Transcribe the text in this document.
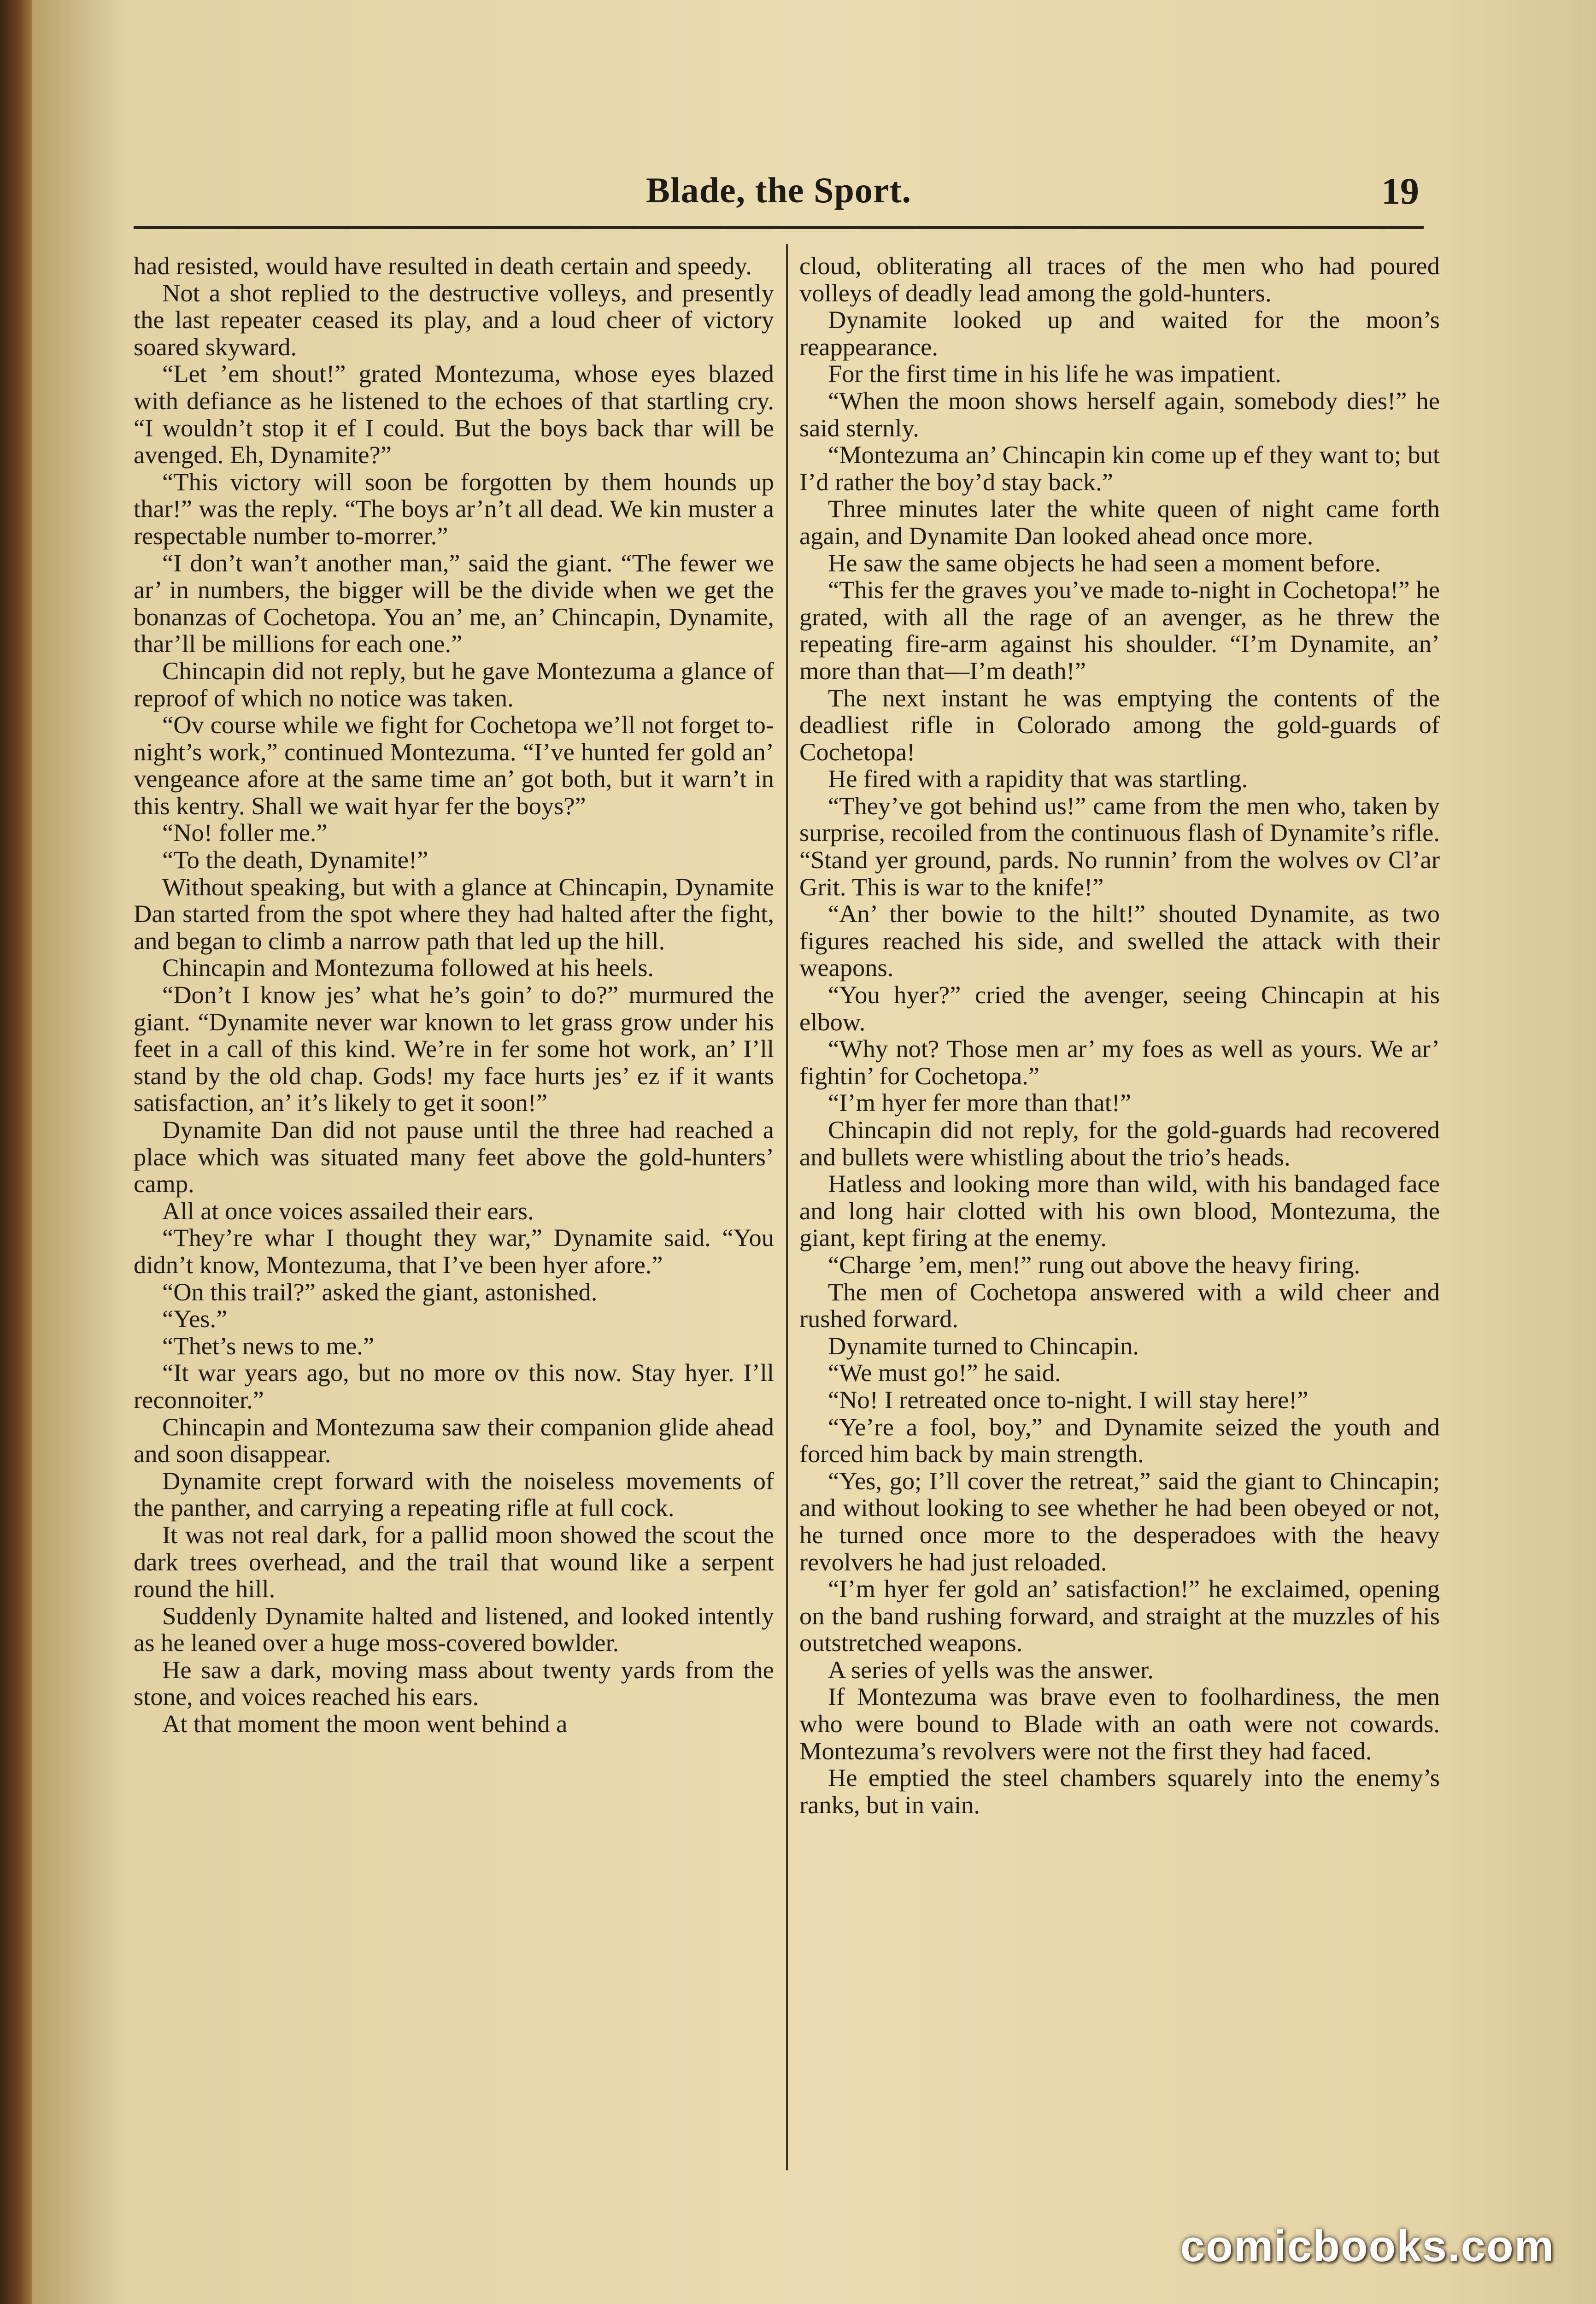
Blade, the Sport.	19

had resisted, would have resulted in death certain and speedy.

Not a shot replied to the destructive volleys, and presently the last repeater ceased its play, and a loud cheer of victory soared skyward.

“Let ’em shout!” grated Montezuma, whose eyes blazed with defiance as he listened to the echoes of that startling cry. “I wouldn’t stop it ef I could. But the boys back thar will be avenged. Eh, Dynamite?”

“This victory will soon be forgotten by them hounds up thar!” was the reply. “The boys ar’n’t all dead. We kin muster a respectable number to-morrer.”

“I don’t wan’t another man,” said the giant. “The fewer we ar’ in numbers, the bigger will be the divide when we get the bonanzas of Cochetopa. You an’ me, an’ Chincapin, Dynamite, thar’ll be millions for each one.”

Chincapin did not reply, but he gave Montezuma a glance of reproof of which no notice was taken.

“Ov course while we fight for Cochetopa we’ll not forget to-night’s work,” continued Montezuma. “I’ve hunted fer gold an’ vengeance afore at the same time an’ got both, but it warn’t in this kentry. Shall we wait hyar fer the boys?”

“No! foller me.”

“To the death, Dynamite!”

Without speaking, but with a glance at Chincapin, Dynamite Dan started from the spot where they had halted after the fight, and began to climb a narrow path that led up the hill.

Chincapin and Montezuma followed at his heels.

“Don’t I know jes’ what he’s goin’ to do?” murmured the giant. “Dynamite never war known to let grass grow under his feet in a call of this kind. We’re in fer some hot work, an’ I’ll stand by the old chap. Gods! my face hurts jes’ ez if it wants satisfaction, an’ it’s likely to get it soon!”

Dynamite Dan did not pause until the three had reached a place which was situated many feet above the gold-hunters’ camp.

All at once voices assailed their ears.

“They’re whar I thought they war,” Dynamite said. “You didn’t know, Montezuma, that I’ve been hyer afore.”

“On this trail?” asked the giant, astonished.

“Yes.”

“Thet’s news to me.”

“It war years ago, but no more ov this now. Stay hyer. I’ll reconnoiter.”

Chincapin and Montezuma saw their companion glide ahead and soon disappear.

Dynamite crept forward with the noiseless movements of the panther, and carrying a repeating rifle at full cock.

It was not real dark, for a pallid moon showed the scout the dark trees overhead, and the trail that wound like a serpent round the hill.

Suddenly Dynamite halted and listened, and looked intently as he leaned over a huge moss-covered bowlder.

He saw a dark, moving mass about twenty yards from the stone, and voices reached his ears.

At that moment the moon went behind a

cloud, obliterating all traces of the men who had poured volleys of deadly lead among the gold-hunters.

Dynamite looked up and waited for the moon’s reappearance.

For the first time in his life he was impatient.

“When the moon shows herself again, somebody dies!” he said sternly.

“Montezuma an’ Chincapin kin come up ef they want to; but I’d rather the boy’d stay back.”

Three minutes later the white queen of night came forth again, and Dynamite Dan looked ahead once more.

He saw the same objects he had seen a moment before.

“This fer the graves you’ve made to-night in Cochetopa!” he grated, with all the rage of an avenger, as he threw the repeating fire-arm against his shoulder. “I’m Dynamite, an’ more than that—I’m death!”

The next instant he was emptying the contents of the deadliest rifle in Colorado among the gold-guards of Cochetopa!

He fired with a rapidity that was startling.

“They’ve got behind us!” came from the men who, taken by surprise, recoiled from the continuous flash of Dynamite’s rifle. “Stand yer ground, pards. No runnin’ from the wolves ov Cl’ar Grit. This is war to the knife!”

“An’ ther bowie to the hilt!” shouted Dynamite, as two figures reached his side, and swelled the attack with their weapons.

“You hyer?” cried the avenger, seeing Chincapin at his elbow.

“Why not? Those men ar’ my foes as well as yours. We ar’ fightin’ for Cochetopa.”

“I’m hyer fer more than that!”

Chincapin did not reply, for the gold-guards had recovered and bullets were whistling about the trio’s heads.

Hatless and looking more than wild, with his bandaged face and long hair clotted with his own blood, Montezuma, the giant, kept firing at the enemy.

“Charge ’em, men!” rung out above the heavy firing.

The men of Cochetopa answered with a wild cheer and rushed forward.

Dynamite turned to Chincapin.

“We must go!” he said.

“No! I retreated once to-night. I will stay here!”

“Ye’re a fool, boy,” and Dynamite seized the youth and forced him back by main strength.

“Yes, go; I’ll cover the retreat,” said the giant to Chincapin; and without looking to see whether he had been obeyed or not, he turned once more to the desperadoes with the heavy revolvers he had just reloaded.

“I’m hyer fer gold an’ satisfaction!” he exclaimed, opening on the band rushing forward, and straight at the muzzles of his outstretched weapons.

A series of yells was the answer.

If Montezuma was brave even to foolhardiness, the men who were bound to Blade with an oath were not cowards. Montezuma’s revolvers were not the first they had faced.

He emptied the steel chambers squarely into the enemy’s ranks, but in vain.

comicbooks.com
